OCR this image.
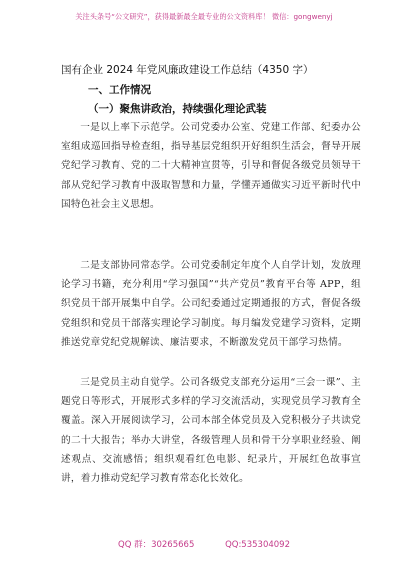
关注头条号“公文研究”，获得最新最全最专业的公文资料库！ 微信：gongwenyj
国有企业 2024 年党风廉政建设工作总结（4350 字）
一、工作情况
（一）聚焦讲政治，持续强化理论武装
一是以上率下示范学。公司党委办公室、党建工作部、纪委办公室组成巡回指导检查组，指导基层党组织开好组织生活会，督导开展党纪学习教育、党的二十大精神宣贯等，引导和督促各级党员领导干部从党纪学习教育中汲取智慧和力量，学懂弄通做实习近平新时代中国特色社会主义思想。
二是支部协同常态学。公司党委制定年度个人自学计划，发放理论学习书籍，充分利用“学习强国”“共产党员”教育平台等 APP，组织党员干部开展集中自学。公司纪委通过定期通报的方式，督促各级党组织和党员干部落实理论学习制度。每月编发党建学习资料，定期推送党章党纪党规解读、廉洁要求，不断激发党员干部学习热情。
三是党员主动自觉学。公司各级党支部充分运用“三会一课”、主题党日等形式，开展形式多样的学习交流活动，实现党员学习教育全覆盖。深入开展阅读学习，公司本部全体党员及入党积极分子共读党的二十大报告；举办大讲堂，各级管理人员和骨干分享职业经验、阐述观点、交流感悟；组织观看红色电影、纪录片，开展红色故事宣讲，着力推动党纪学习教育常态化长效化。
QQ 群：30265665	QQ:535304092
